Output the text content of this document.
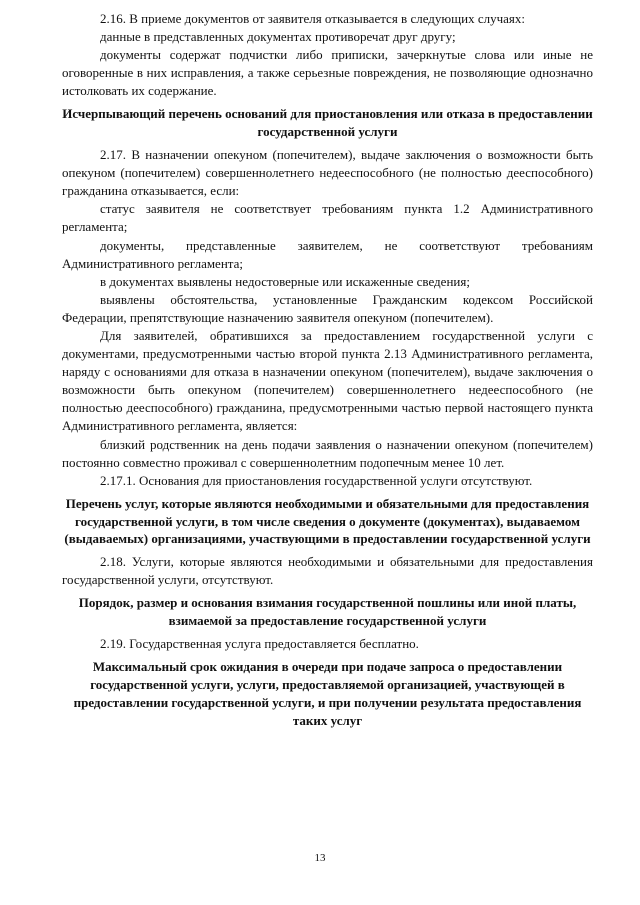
2.16. В приеме документов от заявителя отказывается в следующих случаях:

данные в представленных документах противоречат друг другу;

документы содержат подчистки либо приписки, зачеркнутые слова или иные не оговоренные в них исправления, а также серьезные повреждения, не позволяющие однозначно истолковать их содержание.

Исчерпывающий перечень оснований для приостановления или отказа в предоставлении государственной услуги

2.17. В назначении опекуном (попечителем), выдаче заключения о возможности быть опекуном (попечителем) совершеннолетнего недееспособного (не полностью дееспособного) гражданина отказывается, если:

статус заявителя не соответствует требованиям пункта 1.2 Административного регламента;

документы, представленные заявителем, не соответствуют требованиям Административного регламента;

в документах выявлены недостоверные или искаженные сведения;

выявлены обстоятельства, установленные Гражданским кодексом Российской Федерации, препятствующие назначению заявителя опекуном (попечителем).

Для заявителей, обратившихся за предоставлением государственной услуги с документами, предусмотренными частью второй пункта 2.13 Административного регламента, наряду с основаниями для отказа в назначении опекуном (попечителем), выдаче заключения о возможности быть опекуном (попечителем) совершеннолетнего недееспособного (не полностью дееспособного) гражданина, предусмотренными частью первой настоящего пункта Административного регламента, является:

близкий родственник на день подачи заявления о назначении опекуном (попечителем) постоянно совместно проживал с совершеннолетним подопечным менее 10 лет.

2.17.1. Основания для приостановления государственной услуги отсутствуют.

Перечень услуг, которые являются необходимыми и обязательными для предоставления государственной услуги, в том числе сведения о документе (документах), выдаваемом (выдаваемых) организациями, участвующими в предоставлении государственной услуги

2.18. Услуги, которые являются необходимыми и обязательными для предоставления государственной услуги, отсутствуют.

Порядок, размер и основания взимания государственной пошлины или иной платы, взимаемой за предоставление государственной услуги

2.19. Государственная услуга предоставляется бесплатно.

Максимальный срок ожидания в очереди при подаче запроса о предоставлении государственной услуги, услуги, предоставляемой организацией, участвующей в предоставлении государственной услуги, и при получении результата предоставления таких услуг
13
